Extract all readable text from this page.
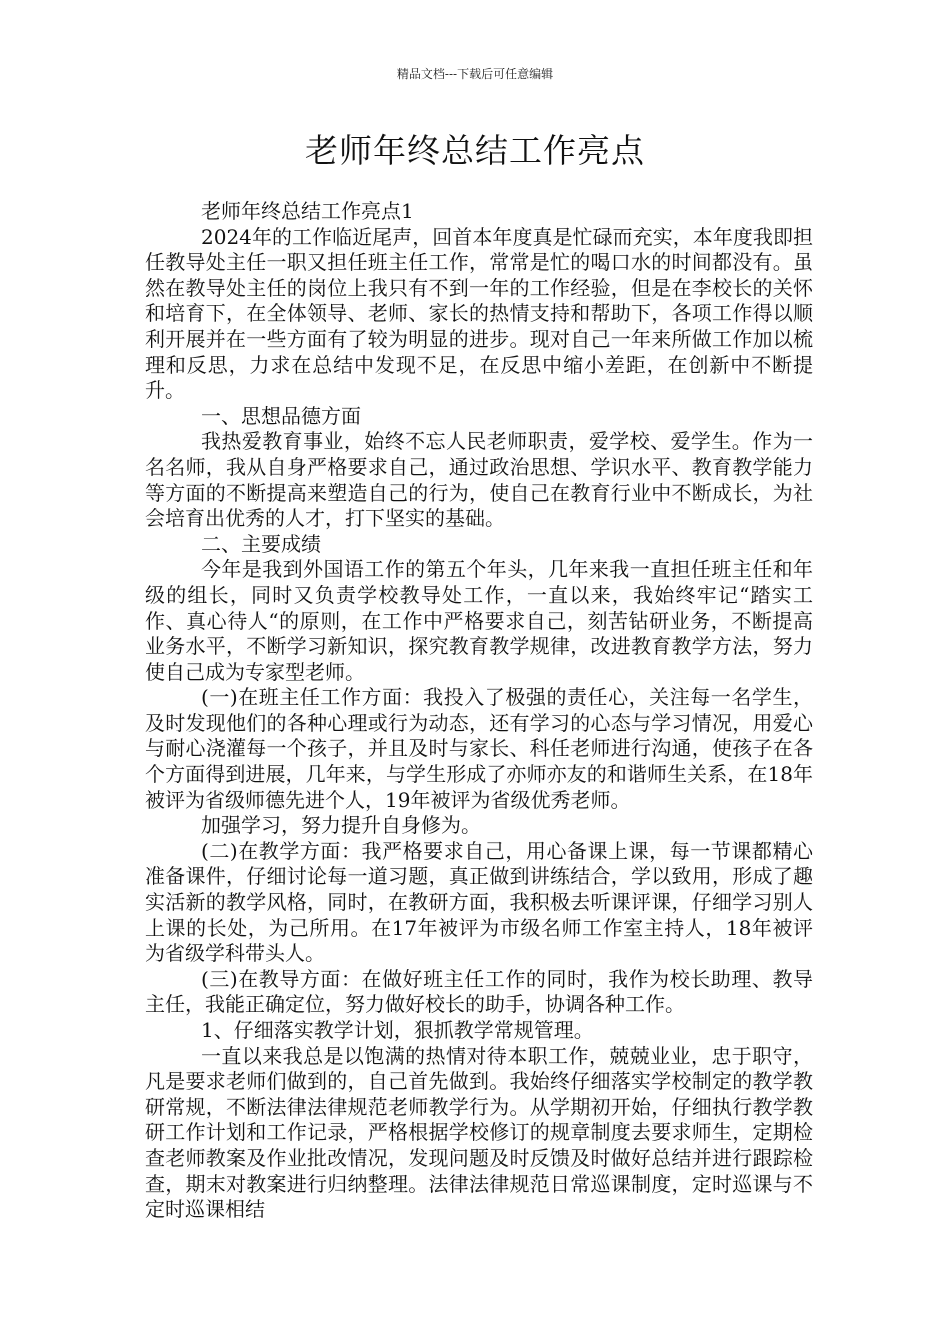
精品文档---下载后可任意编辑
老师年终总结工作亮点

老师年终总结工作亮点1

2024年的工作临近尾声，回首本年度真是忙碌而充实，本年度我即担任教导处主任一职又担任班主任工作，常常是忙的喝口水的时间都没有。虽然在教导处主任的岗位上我只有不到一年的工作经验，但是在李校长的关怀和培育下，在全体领导、老师、家长的热情支持和帮助下，各项工作得以顺利开展并在一些方面有了较为明显的进步。现对自己一年来所做工作加以梳理和反思，力求在总结中发现不足，在反思中缩小差距，在创新中不断提升。

一、思想品德方面

我热爱教育事业，始终不忘人民老师职责，爱学校、爱学生。作为一名名师，我从自身严格要求自己，通过政治思想、学识水平、教育教学能力等方面的不断提高来塑造自己的行为，使自己在教育行业中不断成长，为社会培育出优秀的人才，打下坚实的基础。

二、主要成绩

今年是我到外国语工作的第五个年头，几年来我一直担任班主任和年级的组长，同时又负责学校教导处工作，一直以来，我始终牢记“踏实工作、真心待人“的原则，在工作中严格要求自己，刻苦钻研业务，不断提高业务水平，不断学习新知识，探究教育教学规律，改进教育教学方法，努力使自己成为专家型老师。

(一)在班主任工作方面：我投入了极强的责任心，关注每一名学生，及时发现他们的各种心理或行为动态，还有学习的心态与学习情况，用爱心与耐心浇灌每一个孩子，并且及时与家长、科任老师进行沟通，使孩子在各个方面得到进展，几年来，与学生形成了亦师亦友的和谐师生关系，在18年被评为省级师德先进个人，19年被评为省级优秀老师。

加强学习，努力提升自身修为。

(二)在教学方面：我严格要求自己，用心备课上课，每一节课都精心准备课件，仔细讨论每一道习题，真正做到讲练结合，学以致用，形成了趣实活新的教学风格，同时，在教研方面，我积极去听课评课，仔细学习别人上课的长处，为己所用。在17年被评为市级名师工作室主持人，18年被评为省级学科带头人。

(三)在教导方面：在做好班主任工作的同时，我作为校长助理、教导主任，我能正确定位，努力做好校长的助手，协调各种工作。

1、仔细落实教学计划，狠抓教学常规管理。

一直以来我总是以饱满的热情对待本职工作，兢兢业业，忠于职守，凡是要求老师们做到的，自己首先做到。我始终仔细落实学校制定的教学教研常规，不断法律法律规范老师教学行为。从学期初开始，仔细执行教学教研工作计划和工作记录，严格根据学校修订的规章制度去要求师生，定期检查老师教案及作业批改情况，发现问题及时反馈及时做好总结并进行跟踪检查，期末对教案进行归纳整理。法律法律规范日常巡课制度，定时巡课与不定时巡课相结
